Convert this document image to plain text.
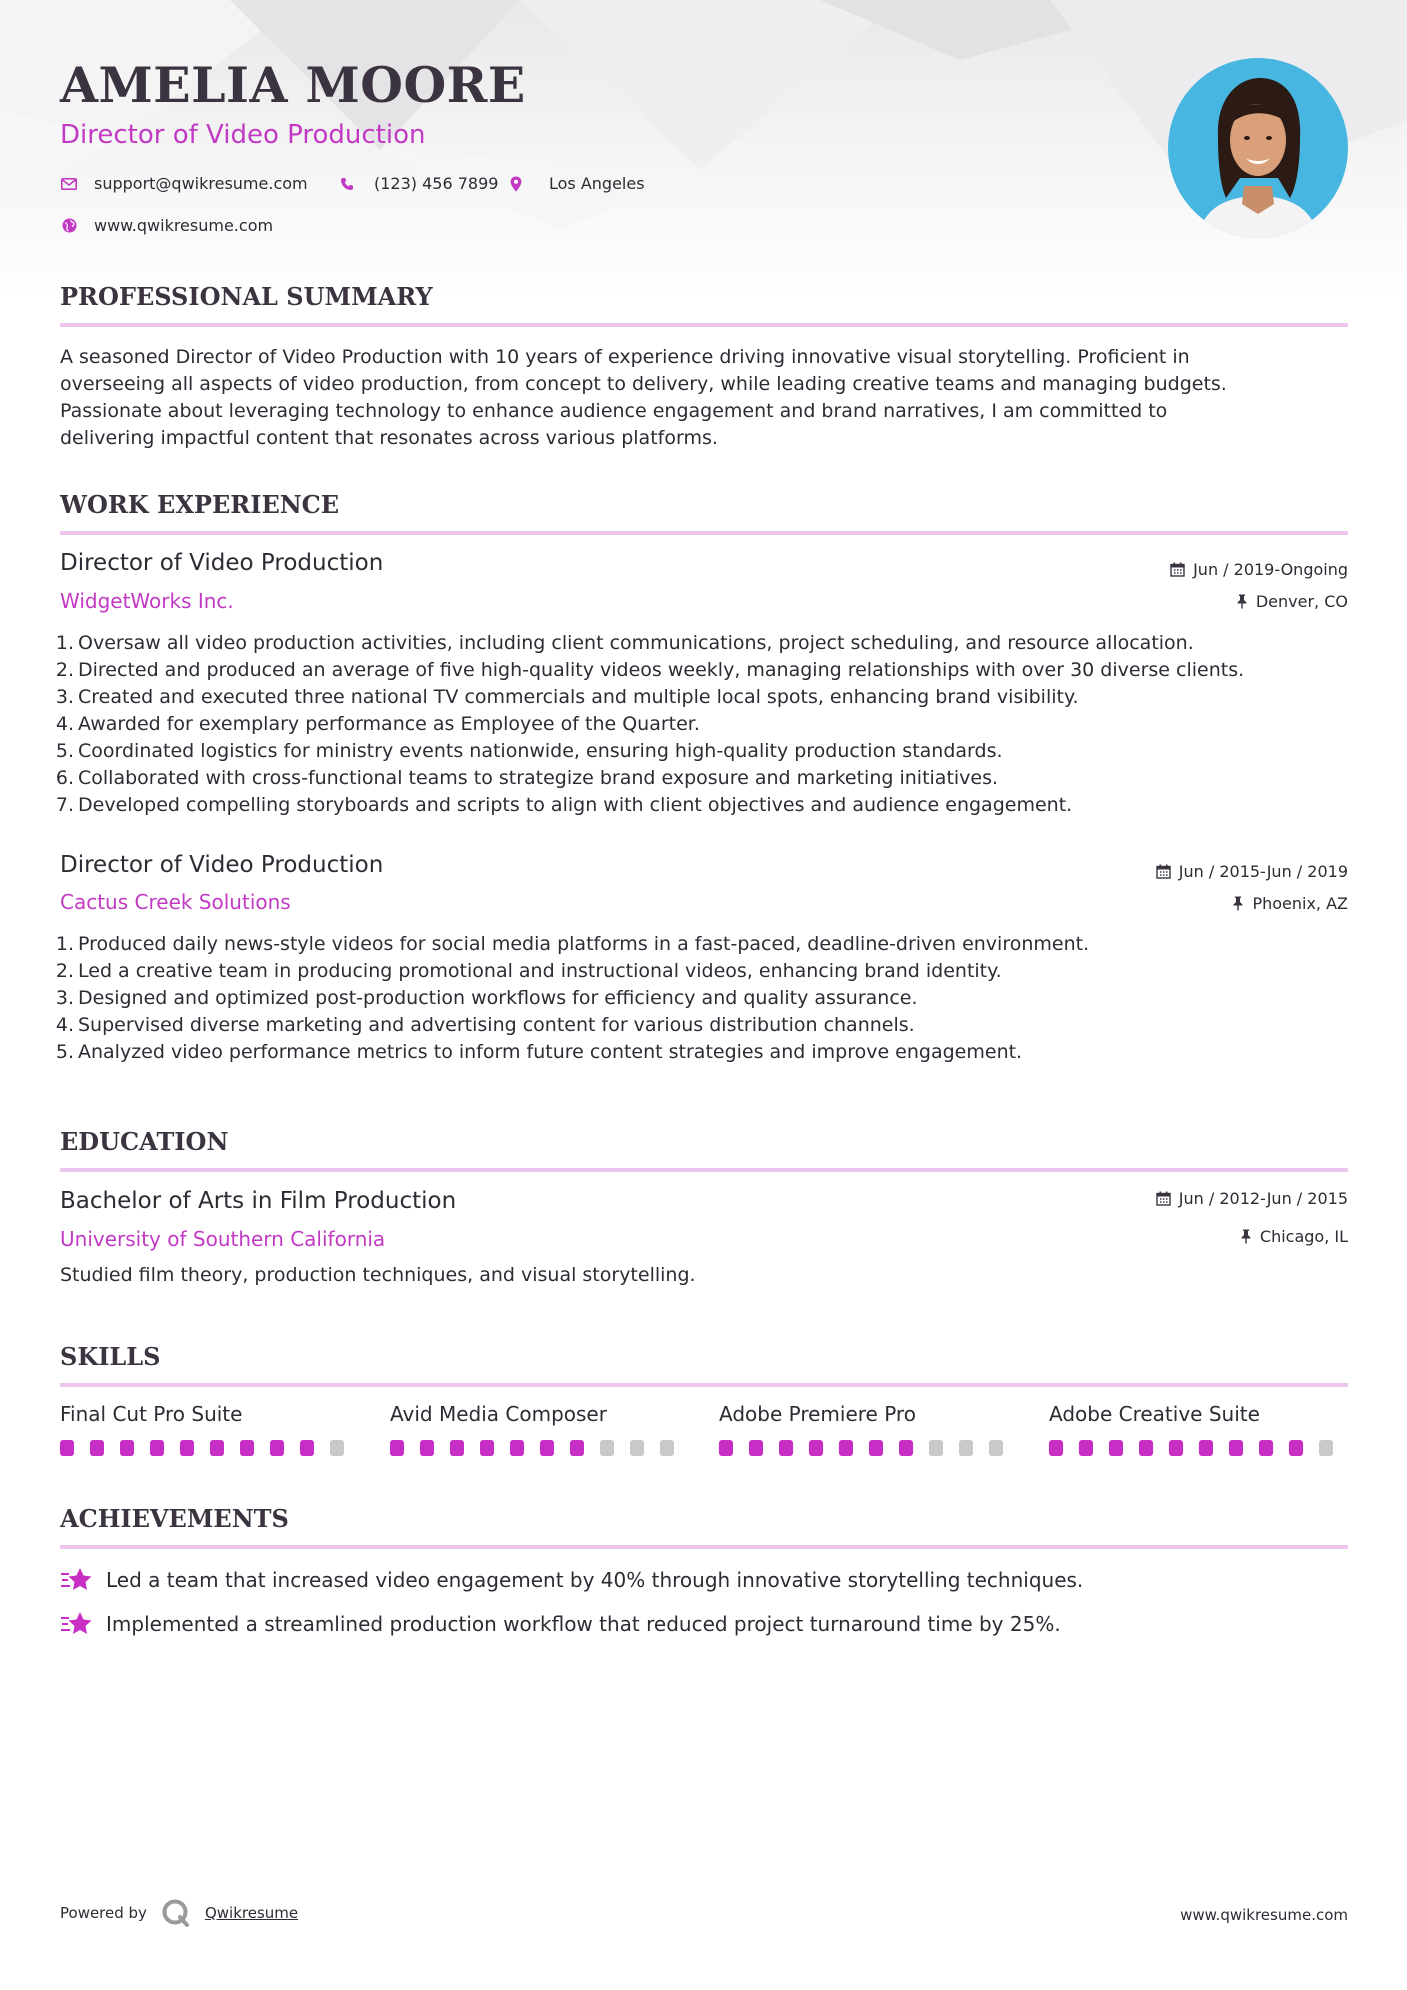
AMELIA MOORE
Director of Video Production
support@qwikresume.com	(123) 456 7899	Los Angeles
www.qwikresume.com
PROFESSIONAL SUMMARY
A seasoned Director of Video Production with 10 years of experience driving innovative visual storytelling. Proficient in
overseeing all aspects of video production, from concept to delivery, while leading creative teams and managing budgets.
Passionate about leveraging technology to enhance audience engagement and brand narratives, I am committed to
delivering impactful content that resonates across various platforms.
WORK EXPERIENCE
Director of Video Production	Jun / 2019-Ongoing
WidgetWorks Inc.	Denver, CO
1. Oversaw all video production activities, including client communications, project scheduling, and resource allocation.
2. Directed and produced an average of five high-quality videos weekly, managing relationships with over 30 diverse clients.
3. Created and executed three national TV commercials and multiple local spots, enhancing brand visibility.
4. Awarded for exemplary performance as Employee of the Quarter.
5. Coordinated logistics for ministry events nationwide, ensuring high-quality production standards.
6. Collaborated with cross-functional teams to strategize brand exposure and marketing initiatives.
7. Developed compelling storyboards and scripts to align with client objectives and audience engagement.
Director of Video Production	Jun / 2015-Jun / 2019
Cactus Creek Solutions	Phoenix, AZ
1. Produced daily news-style videos for social media platforms in a fast-paced, deadline-driven environment.
2. Led a creative team in producing promotional and instructional videos, enhancing brand identity.
3. Designed and optimized post-production workflows for efficiency and quality assurance.
4. Supervised diverse marketing and advertising content for various distribution channels.
5. Analyzed video performance metrics to inform future content strategies and improve engagement.
EDUCATION
Bachelor of Arts in Film Production	Jun / 2012-Jun / 2015
University of Southern California	Chicago, IL
Studied film theory, production techniques, and visual storytelling.
SKILLS
Final Cut Pro Suite	Avid Media Composer	Adobe Premiere Pro	Adobe Creative Suite
ACHIEVEMENTS
Led a team that increased video engagement by 40% through innovative storytelling techniques.
Implemented a streamlined production workflow that reduced project turnaround time by 25%.
Powered by	Qwikresume	www.qwikresume.com
